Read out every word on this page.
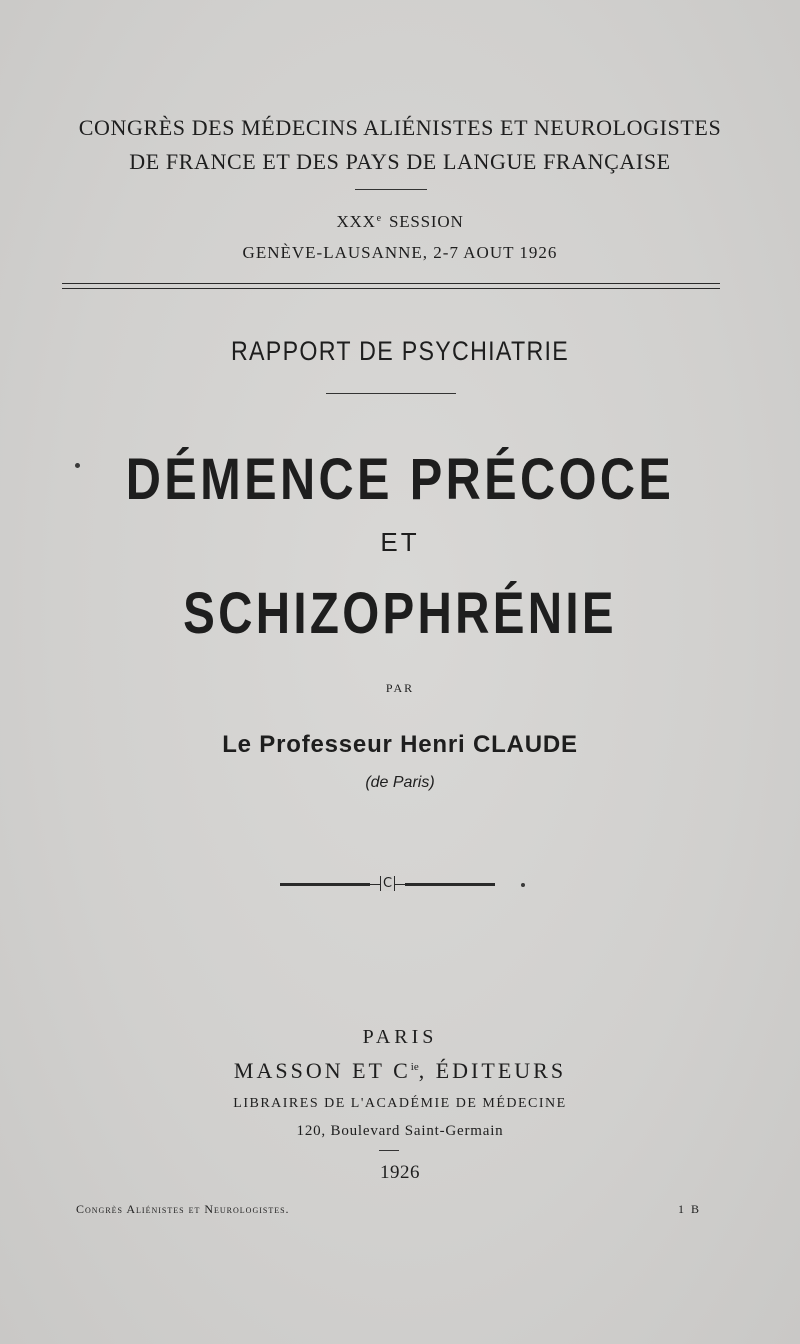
CONGRÈS DES MÉDECINS ALIÉNISTES ET NEUROLOGISTES
DE FRANCE ET DES PAYS DE LANGUE FRANÇAISE
XXXe SESSION
GENÈVE-LAUSANNE, 2-7 AOUT 1926
RAPPORT DE PSYCHIATRIE
DÉMENCE PRÉCOCE
ET
SCHIZOPHRÉNIE
PAR
Le Professeur Henri CLAUDE
(de Paris)
C
PARIS
MASSON ET $C^{ie}$, ÉDITEURS
LIBRAIRES DE L'ACADÉMIE DE MÉDECINE
120, Boulevard Saint-Germain
1926
Congrès Aliénistes et Neurologistes.	1 B
